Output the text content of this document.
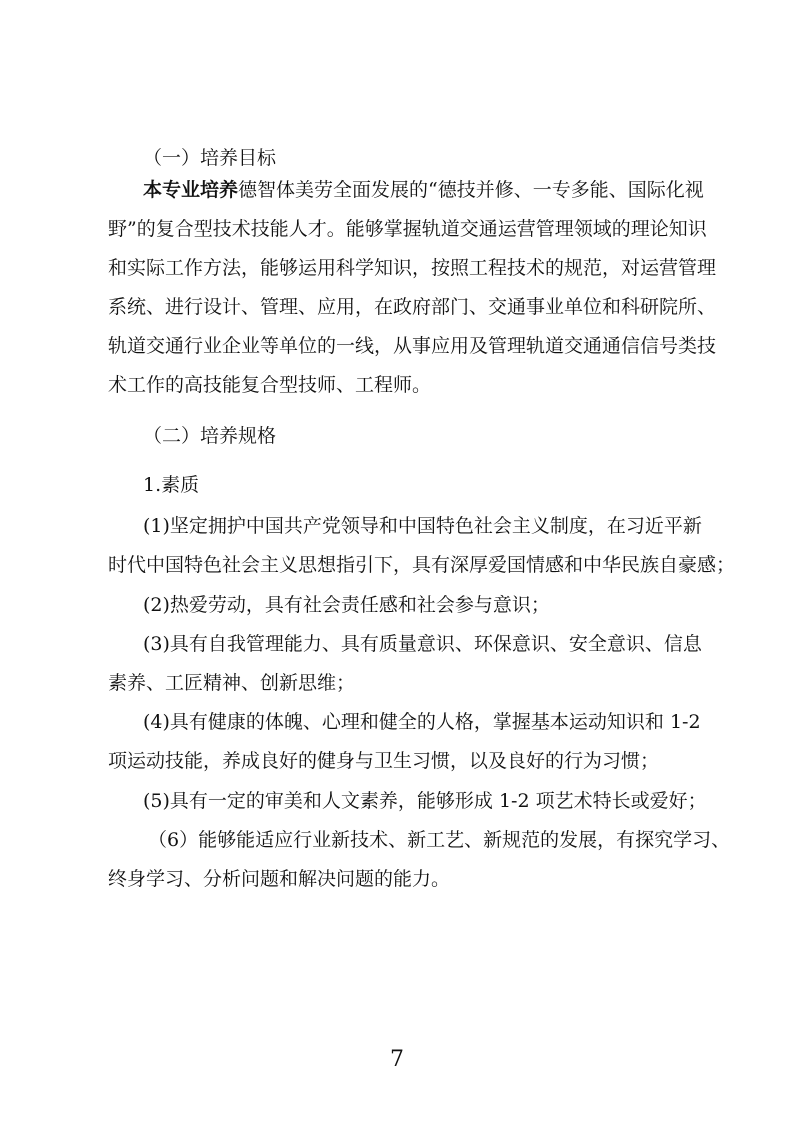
（一）培养目标
本专业培养德智体美劳全面发展的“德技并修、一专多能、国际化视
野”的复合型技术技能人才。能够掌握轨道交通运营管理领域的理论知识
和实际工作方法，能够运用科学知识，按照工程技术的规范，对运营管理
系统、进行设计、管理、应用，在政府部门、交通事业单位和科研院所、
轨道交通行业企业等单位的一线，从事应用及管理轨道交通通信信号类技
术工作的高技能复合型技师、工程师。
（二）培养规格
1.素质
(1)坚定拥护中国共产党领导和中国特色社会主义制度，在习近平新
时代中国特色社会主义思想指引下，具有深厚爱国情感和中华民族自豪感；
(2)热爱劳动，具有社会责任感和社会参与意识；
(3)具有自我管理能力、具有质量意识、环保意识、安全意识、信息
素养、工匠精神、创新思维；
(4)具有健康的体魄、心理和健全的人格，掌握基本运动知识和 1-2
项运动技能，养成良好的健身与卫生习惯，以及良好的行为习惯；
(5)具有一定的审美和人文素养，能够形成 1-2 项艺术特长或爱好；
（6）能够能适应行业新技术、新工艺、新规范的发展，有探究学习、
终身学习、分析问题和解决问题的能力。
7
